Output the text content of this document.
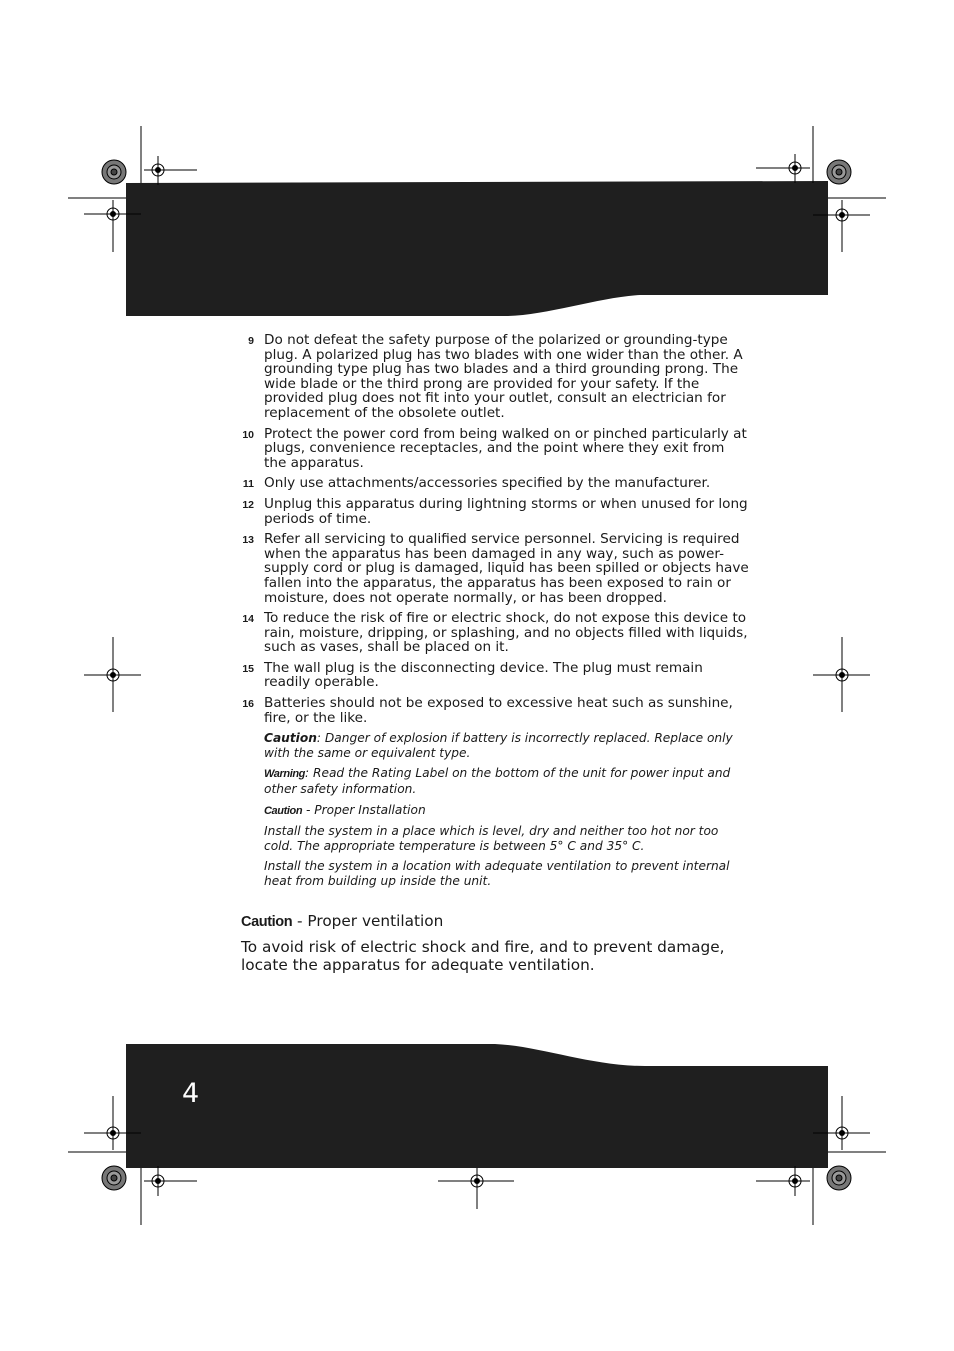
9 Do not defeat the safety purpose of the polarized or grounding-type plug. A polarized plug has two blades with one wider than the other. A grounding type plug has two blades and a third grounding prong. The wide blade or the third prong are provided for your safety. If the provided plug does not fit into your outlet, consult an electrician for replacement of the obsolete outlet.
10 Protect the power cord from being walked on or pinched particularly at plugs, convenience receptacles, and the point where they exit from the apparatus.
11 Only use attachments/accessories specified by the manufacturer.
12 Unplug this apparatus during lightning storms or when unused for long periods of time.
13 Refer all servicing to qualified service personnel. Servicing is required when the apparatus has been damaged in any way, such as power-supply cord or plug is damaged, liquid has been spilled or objects have fallen into the apparatus, the apparatus has been exposed to rain or moisture, does not operate normally, or has been dropped.
14 To reduce the risk of fire or electric shock, do not expose this device to rain, moisture, dripping, or splashing, and no objects filled with liquids, such as vases, shall be placed on it.
15 The wall plug is the disconnecting device. The plug must remain readily operable.
16 Batteries should not be exposed to excessive heat such as sunshine, fire, or the like.
Caution: Danger of explosion if battery is incorrectly replaced. Replace only with the same or equivalent type.
Warning: Read the Rating Label on the bottom of the unit for power input and other safety information.
Caution - Proper Installation
Install the system in a place which is level, dry and neither too hot nor too cold. The appropriate temperature is between 5° C and 35° C.
Install the system in a location with adequate ventilation to prevent internal heat from building up inside the unit.
Caution - Proper ventilation
To avoid risk of electric shock and fire, and to prevent damage, locate the apparatus for adequate ventilation.
4
